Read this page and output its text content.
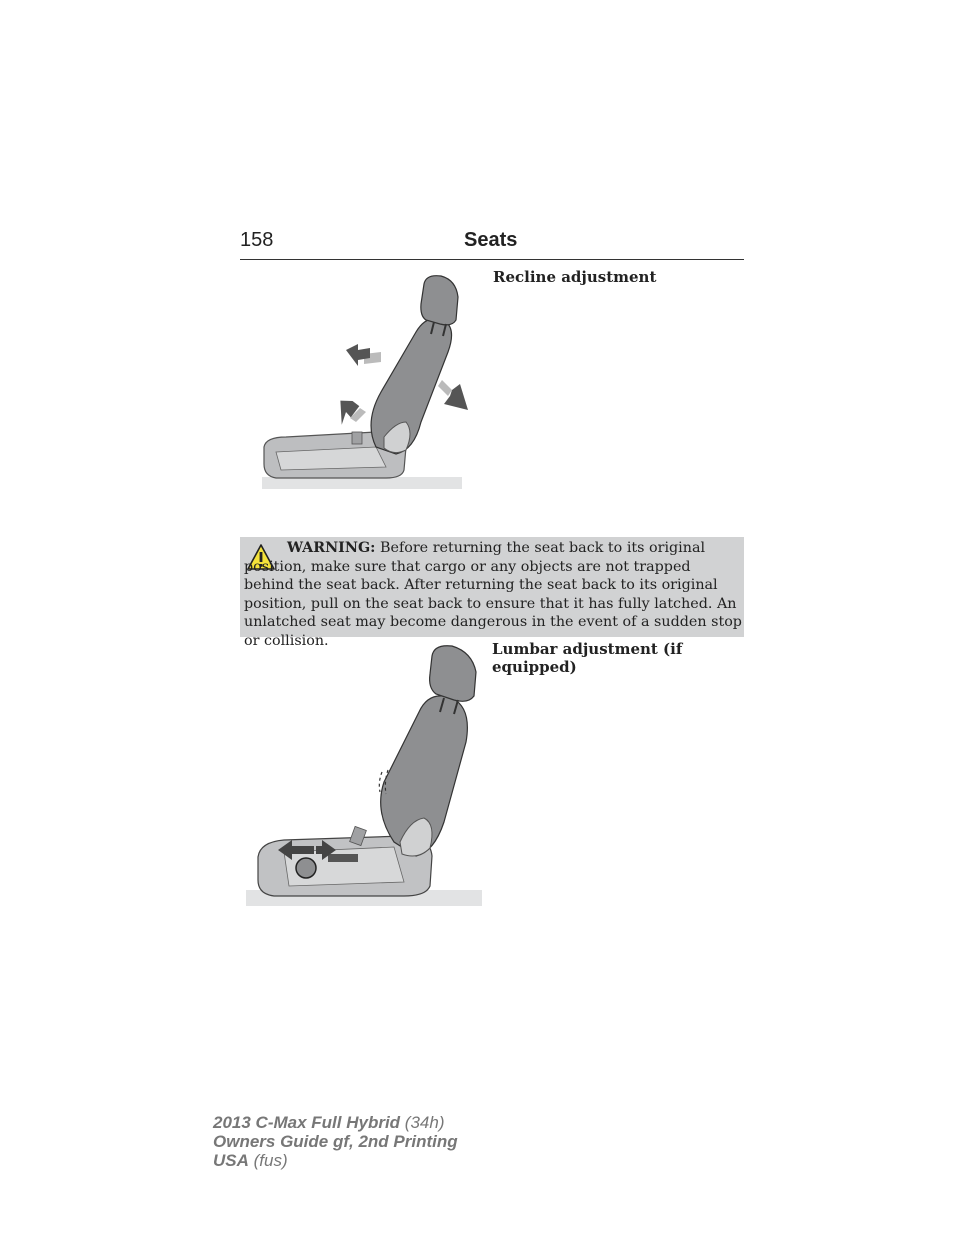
158	Seats
Recline adjustment
WARNING: Before returning the seat back to its original position, make sure that cargo or any objects are not trapped behind the seat back. After returning the seat back to its original position, pull on the seat back to ensure that it has fully latched. An unlatched seat may become dangerous in the event of a sudden stop or collision.	Lumbar adjustment (if equipped)
2013 C-Max Full Hybrid (34h)
Owners Guide gf, 2nd Printing
USA (fus)
